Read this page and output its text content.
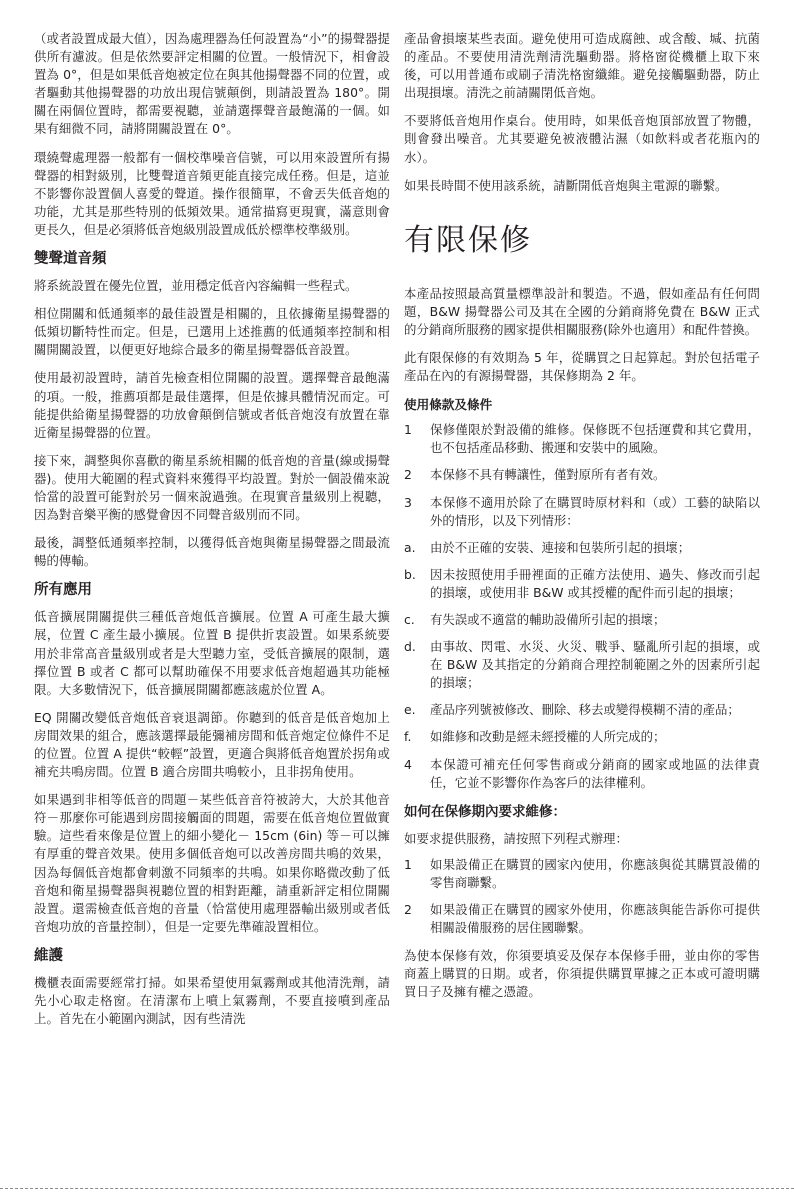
（或者設置成最大值），因為處理器為任何設置為“小”的揚聲器提供所有濾波。但是依然要評定相關的位置。一般情況下，相會設置為 0°，但是如果低音炮被定位在與其他揚聲器不同的位置，或者驅動其他揚聲器的功放出現信號顛倒，則請設置為 180°。開關在兩個位置時，都需要視聽，並請選擇聲音最飽滿的一個。如果有細微不同，請將開關設置在 0°。

環繞聲處理器一般都有一個校準噪音信號，可以用來設置所有揚聲器的相對級別，比雙聲道音頻更能直接完成任務。但是，這並不影響你設置個人喜愛的聲道。操作很簡單，不會丟失低音炮的功能，尤其是那些特別的低頻效果。通常描寫更現實，滿意則會更長久，但是必須將低音炮級別設置成低於標準校準級別。

雙聲道音頻

將系統設置在優先位置，並用穩定低音內容編輯一些程式。

相位開關和低通頻率的最佳設置是相關的，且依據衛星揚聲器的低頻切斷特性而定。但是，已選用上述推薦的低通頻率控制和相關開關設置，以便更好地綜合最多的衛星揚聲器低音設置。

使用最初設置時，請首先檢查相位開關的設置。選擇聲音最飽滿的項。一般，推薦項都是最佳選擇，但是依據具體情況而定。可能提供給衛星揚聲器的功放會顛倒信號或者低音炮沒有放置在靠近衛星揚聲器的位置。

接下來，調整與你喜歡的衛星系統相關的低音炮的音量(線或揚聲器)。使用大範圍的程式資料來獲得平均設置。對於一個設備來說恰當的設置可能對於另一個來說過強。在現實音量級別上視聽，因為對音樂平衡的感覺會因不同聲音級別而不同。

最後，調整低通頻率控制，以獲得低音炮與衛星揚聲器之間最流暢的傳輸。

所有應用

低音擴展開關提供三種低音炮低音擴展。位置 A 可產生最大擴展，位置 C 產生最小擴展。位置 B 提供折衷設置。如果系統要用於非常高音量級別或者是大型聽力室，受低音擴展的限制，選擇位置 B 或者 C 都可以幫助確保不用要求低音炮超過其功能極限。大多數情況下，低音擴展開關都應該處於位置 A。

EQ 開關改變低音炮低音衰退調節。你聽到的低音是低音炮加上房間效果的組合，應該選擇最能彌補房間和低音炮定位條件不足的位置。位置 A 提供“較輕”設置，更適合與將低音炮置於拐角或補充共鳴房間。位置 B 適合房間共鳴較小，且非拐角使用。

如果遇到非相等低音的問題－某些低音音符被誇大，大於其他音符－那麼你可能遇到房間接觸面的問題，需要在低音炮位置做實驗。這些看來像是位置上的細小變化－ 15cm (6in) 等－可以擁有厚重的聲音效果。使用多個低音炮可以改善房間共鳴的效果，因為每個低音炮都會刺激不同頻率的共鳴。如果你略微改動了低音炮和衛星揚聲器與視聽位置的相對距離，請重新評定相位開關設置。還需檢查低音炮的音量（恰當使用處理器輸出級別或者低音炮功放的音量控制），但是一定要先準確設置相位。

維護

機櫃表面需要經常打掃。如果希望使用氣霧劑或其他清洗劑，請先小心取走格窗。在清潔布上噴上氣霧劑，不要直接噴到產品上。首先在小範圍內測試，因有些清洗

產品會損壞某些表面。避免使用可造成腐蝕、或含酸、堿、抗菌的產品。不要使用清洗劑清洗驅動器。將格窗從機櫃上取下來後，可以用普通布或刷子清洗格窗纖維。避免接觸驅動器，防止出現損壞。清洗之前請關閉低音炮。

不要將低音炮用作桌台。使用時，如果低音炮頂部放置了物體，則會發出噪音。尤其要避免被液體沾濕（如飲料或者花瓶內的水）。

如果長時間不使用該系統，請斷開低音炮與主電源的聯繫。

有限保修

本產品按照最高質量標準設計和製造。不過，假如產品有任何問題，B&W 揚聲器公司及其在全國的分銷商將免費在 B&W 正式的分銷商所服務的國家提供相關服務(除外也適用）和配件替換。

此有限保修的有效期為 5 年，從購買之日起算起。對於包括電子產品在內的有源揚聲器，其保修期為 2 年。

使用條款及條件
1	保修僅限於對設備的維修。保修既不包括運費和其它費用，也不包括產品移動、搬運和安裝中的風險。
2	本保修不具有轉讓性，僅對原所有者有效。
3	本保修不適用於除了在購買時原材料和（或）工藝的缺陷以外的情形，以及下列情形：
a.	由於不正確的安裝、連接和包裝所引起的損壞；
b.	因未按照使用手冊裡面的正確方法使用、過失、修改而引起的損壞，或使用非 B&W 或其授權的配件而引起的損壞；
c.	有失誤或不適當的輔助設備所引起的損壞；
d.	由事故、閃電、水災、火災、戰爭、騷亂所引起的損壞，或在 B&W 及其指定的分銷商合理控制範圍之外的因素所引起的損壞；
e.	產品序列號被修改、刪除、移去或變得模糊不清的產品；
f.	如維修和改動是經未經授權的人所完成的；
4	本保證可補充任何零售商或分銷商的國家或地區的法律責任，它並不影響你作為客戶的法律權利。
如何在保修期內要求維修：

如要求提供服務，請按照下列程式辦理：

1	如果設備正在購買的國家內使用，你應該與從其購買設備的零售商聯繫。
2	如果設備正在購買的國家外使用，你應該與能告訴你可提供相關設備服務的居住國聯繫。

為使本保修有效，你須要填妥及保存本保修手冊，並由你的零售商蓋上購買的日期。或者，你須提供購買單據之正本或可證明購買日子及擁有權之憑證。
